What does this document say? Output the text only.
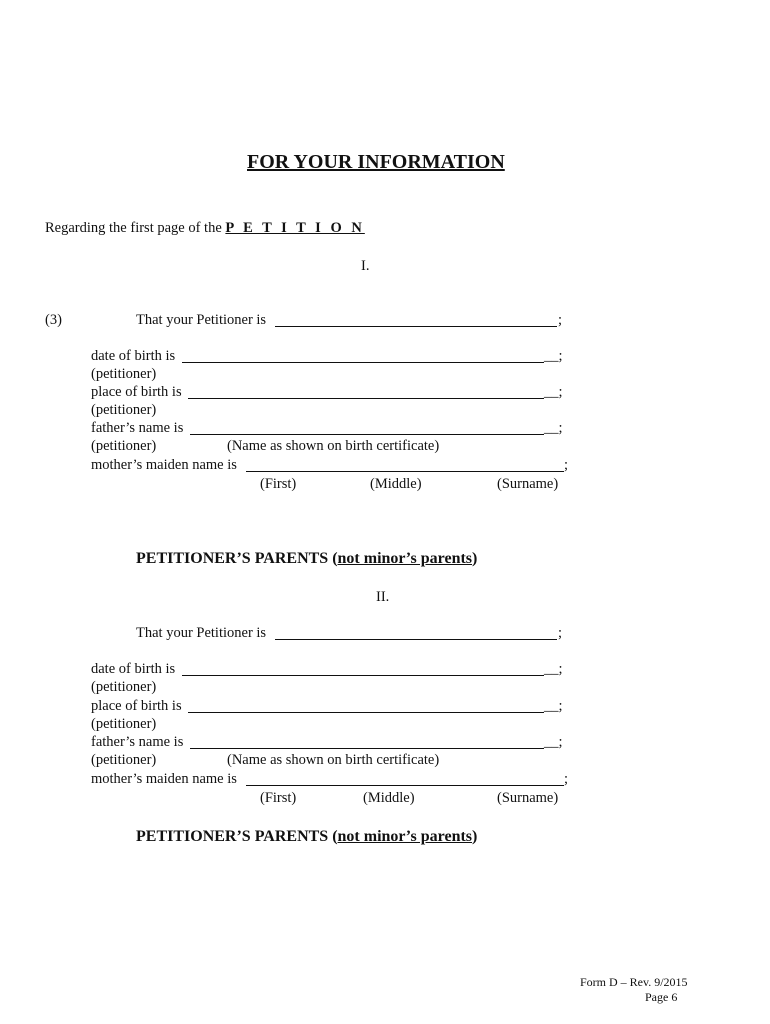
FOR YOUR INFORMATION
Regarding the first page of the P E T I T I O N
I.
(3)	That your Petitioner is	;
date of birth is	__;
(petitioner)
place of birth is	__;
(petitioner)
father’s name is	__;
(petitioner)	(Name as shown on birth certificate)
mother’s maiden name is	;
(First)	(Middle)	(Surname)
PETITIONER’S PARENTS (not minor’s parents)
II.
That your Petitioner is	;
date of birth is	__;
(petitioner)
place of birth is	__;
(petitioner)
father’s name is	__;
(petitioner)	(Name as shown on birth certificate)
mother’s maiden name is	;
(First)	(Middle)	(Surname)
PETITIONER’S PARENTS (not minor’s parents)
Form D – Rev. 9/2015
Page 6
